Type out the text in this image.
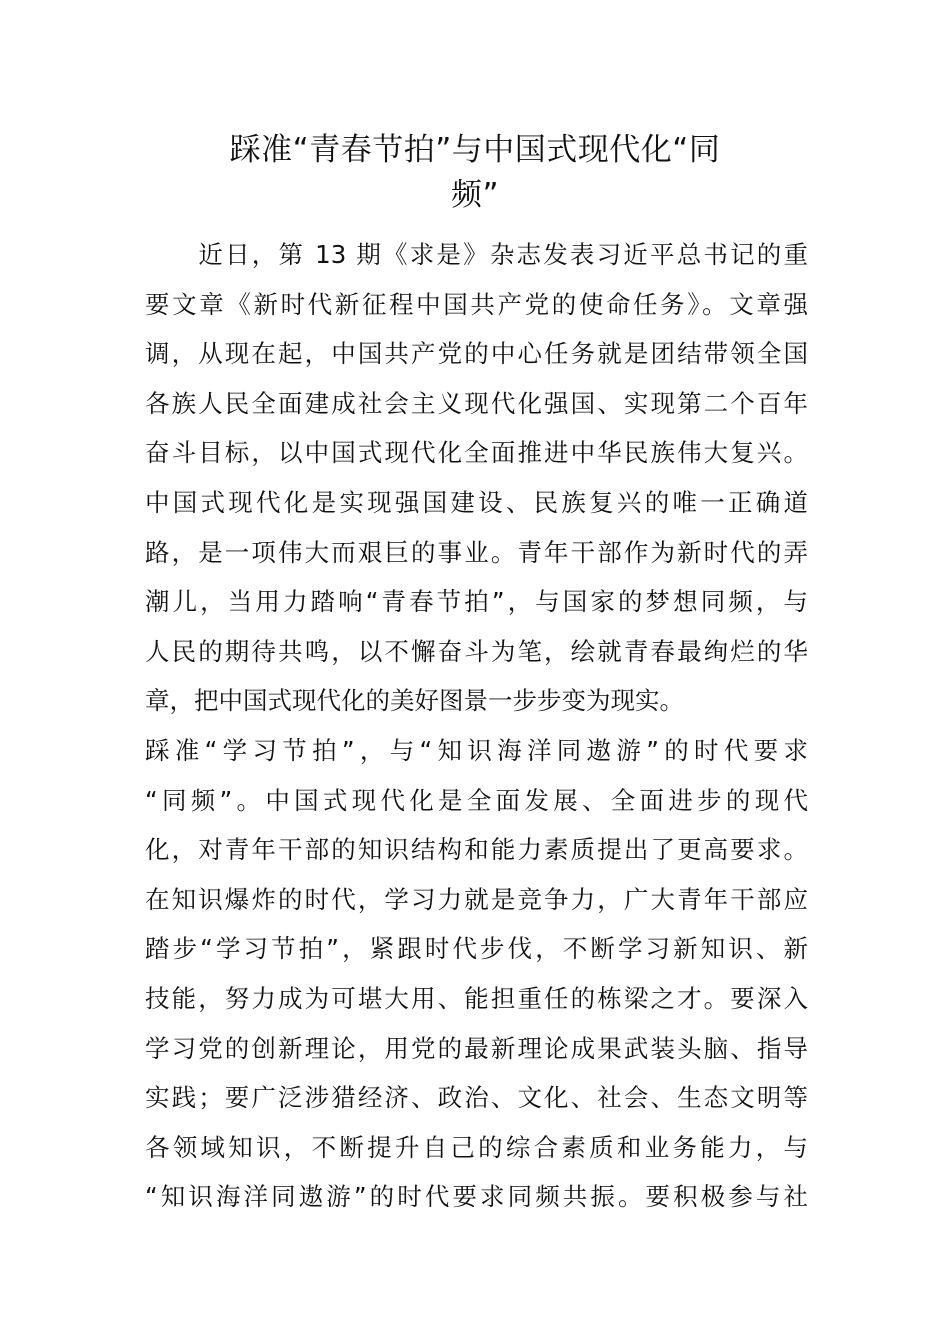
踩准“青春节拍”与中国式现代化“同
频”
　　近日，第 13 期《求是》杂志发表习近平总书记的重
要文章《新时代新征程中国共产党的使命任务》。文章强
调，从现在起，中国共产党的中心任务就是团结带领全国
各族人民全面建成社会主义现代化强国、实现第二个百年
奋斗目标，以中国式现代化全面推进中华民族伟大复兴。
中国式现代化是实现强国建设、民族复兴的唯一正确道
路，是一项伟大而艰巨的事业。青年干部作为新时代的弄
潮儿，当用力踏响“青春节拍”，与国家的梦想同频，与
人民的期待共鸣，以不懈奋斗为笔，绘就青春最绚烂的华
章，把中国式现代化的美好图景一步步变为现实。
踩准“学习节拍”，与“知识海洋同遨游”的时代要求
“同频”。中国式现代化是全面发展、全面进步的现代
化，对青年干部的知识结构和能力素质提出了更高要求。
在知识爆炸的时代，学习力就是竞争力，广大青年干部应
踏步“学习节拍”，紧跟时代步伐，不断学习新知识、新
技能，努力成为可堪大用、能担重任的栋梁之才。要深入
学习党的创新理论，用党的最新理论成果武装头脑、指导
实践；要广泛涉猎经济、政治、文化、社会、生态文明等
各领域知识，不断提升自己的综合素质和业务能力，与
“知识海洋同遨游”的时代要求同频共振。要积极参与社
